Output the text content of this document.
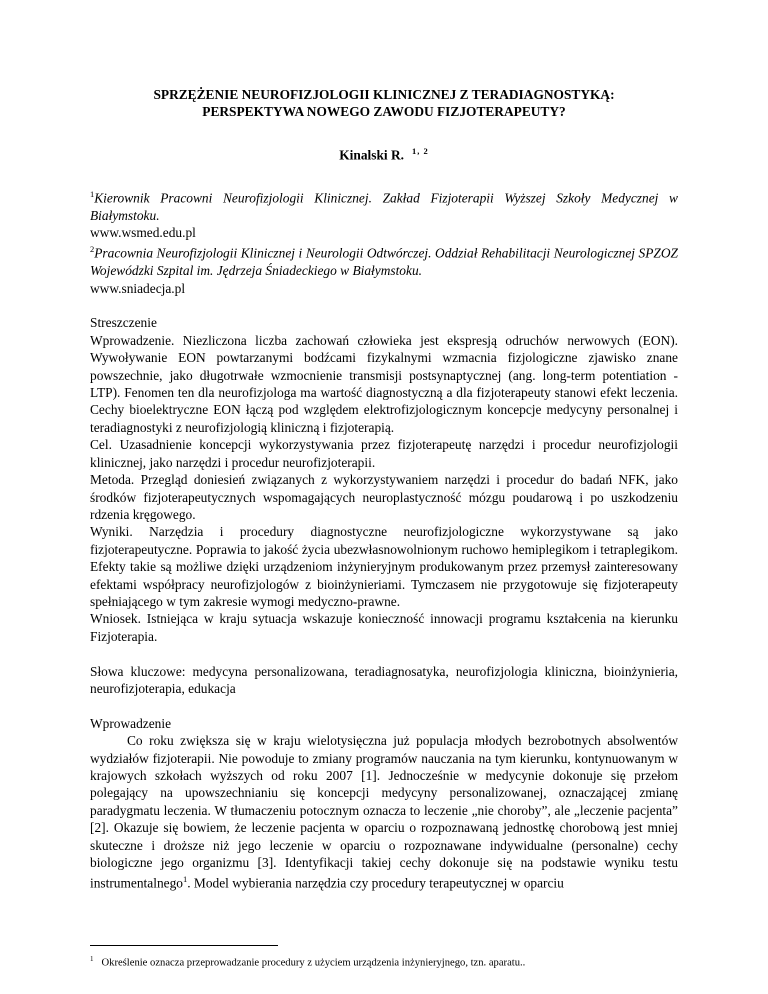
SPRZĘŻENIE NEUROFIZJOLOGII KLINICZNEJ Z TERADIAGNOSTYKĄ:

PERSPEKTYWA NOWEGO ZAWODU FIZJOTERAPEUTY?

Kinalski R. $^{1, 2}$
$^1$Kierownik Pracowni Neurofizjologii Klinicznej. Zakład Fizjoterapii Wyższej Szkoły Medycznej w Białymstoku.
www.wsmed.edu.pl
$^2$Pracownia Neurofizjologii Klinicznej i Neurologii Odtwórczej. Oddział Rehabilitacji Neurologicznej SPZOZ Wojewódzki Szpital im. Jędrzeja Śniadeckiego w Białymstoku.
www.sniadecja.pl

Streszczenie

Wprowadzenie. Niezliczona liczba zachowań człowieka jest ekspresją odruchów nerwowych (EON). Wywoływanie EON powtarzanymi bodźcami fizykalnymi wzmacnia fizjologiczne zjawisko znane powszechnie, jako długotrwałe wzmocnienie transmisji postsynaptycznej (ang. long-term potentiation - LTP). Fenomen ten dla neurofizjologa ma wartość diagnostyczną a dla fizjoterapeuty stanowi efekt leczenia. Cechy bioelektryczne EON łączą pod względem elektrofizjologicznym koncepcje medycyny personalnej i teradiagnostyki z neurofizjologią kliniczną i fizjoterapią.

Cel. Uzasadnienie koncepcji wykorzystywania przez fizjoterapeutę narzędzi i procedur neurofizjologii klinicznej, jako narzędzi i procedur neurofizjoterapii.

Metoda. Przegląd doniesień związanych z wykorzystywaniem narzędzi i procedur do badań NFK, jako środków fizjoterapeutycznych wspomagających neuroplastyczność mózgu poudarową i po uszkodzeniu rdzenia kręgowego.

Wyniki. Narzędzia i procedury diagnostyczne neurofizjologiczne wykorzystywane są jako fizjoterapeutyczne. Poprawia to jakość życia ubezwłasnowolnionym ruchowo hemiplegikom i tetraplegikom. Efekty takie są możliwe dzięki urządzeniom inżynieryjnym produkowanym przez przemysł zainteresowany efektami współpracy neurofizjologów z bioinżynieriami. Tymczasem nie przygotowuje się fizjoterapeuty spełniającego w tym zakresie wymogi medyczno-prawne.

Wniosek. Istniejąca w kraju sytuacja wskazuje konieczność innowacji programu kształcenia na kierunku Fizjoterapia.

Słowa kluczowe: medycyna personalizowana, teradiagnosatyka, neurofizjologia kliniczna, bioinżynieria, neurofizjoterapia, edukacja

Wprowadzenie

Co roku zwiększa się w kraju wielotysięczna już populacja młodych bezrobotnych absolwentów wydziałów fizjoterapii. Nie powoduje to zmiany programów nauczania na tym kierunku, kontynuowanym w krajowych szkołach wyższych od roku 2007 [1]. Jednocześnie w medycynie dokonuje się przełom polegający na upowszechnianiu się koncepcji medycyny personalizowanej, oznaczającej zmianę paradygmatu leczenia. W tłumaczeniu potocznym oznacza to leczenie „nie choroby”, ale „leczenie pacjenta” [2]. Okazuje się bowiem, że leczenie pacjenta w oparciu o rozpoznawaną jednostkę chorobową jest mniej skuteczne i droższe niż jego leczenie w oparciu o rozpoznawane indywidualne (personalne) cechy biologiczne jego organizmu [3]. Identyfikacji takiej cechy dokonuje się na podstawie wyniku testu instrumentalnego$^1$. Model wybierania narzędzia czy procedury terapeutycznej w oparciu

$^1$ Określenie oznacza przeprowadzanie procedury z użyciem urządzenia inżynieryjnego, tzn. aparatu..
